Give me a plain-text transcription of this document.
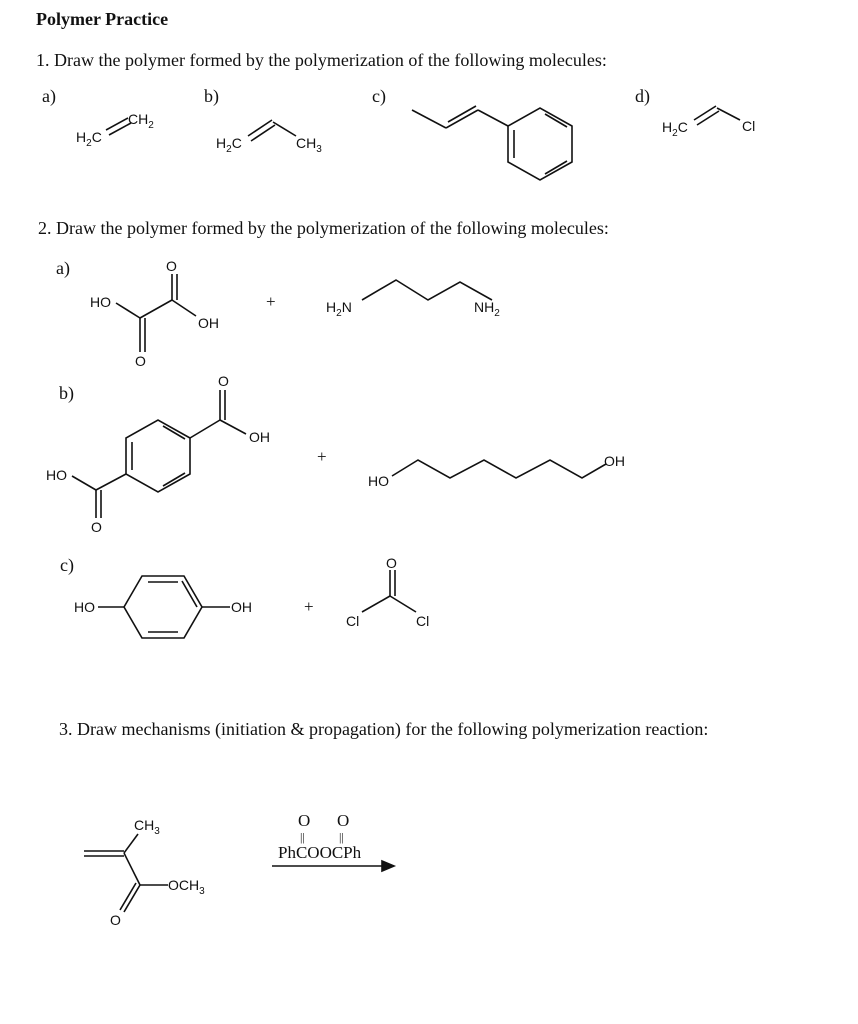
Polymer Practice
1. Draw the polymer formed by the polymerization of the following molecules:
a)	b)	c)	d)
2. Draw the polymer formed by the polymerization of the following molecules:
a)
b)
c)
3. Draw mechanisms (initiation & propagation) for the following polymerization reaction:
$H_2C$
$CH_2$
$H_2C$	$CH_3$
$H_2C$	Cl
HO
O
O
OH
+	$H_2N$	$NH_2$
O
OH
O
HO
+
HO
OH
HO	OH	+
O
Cl	Cl
$CH_3$
$OCH_3$
O
O O
||	||
PhCOOCPh
